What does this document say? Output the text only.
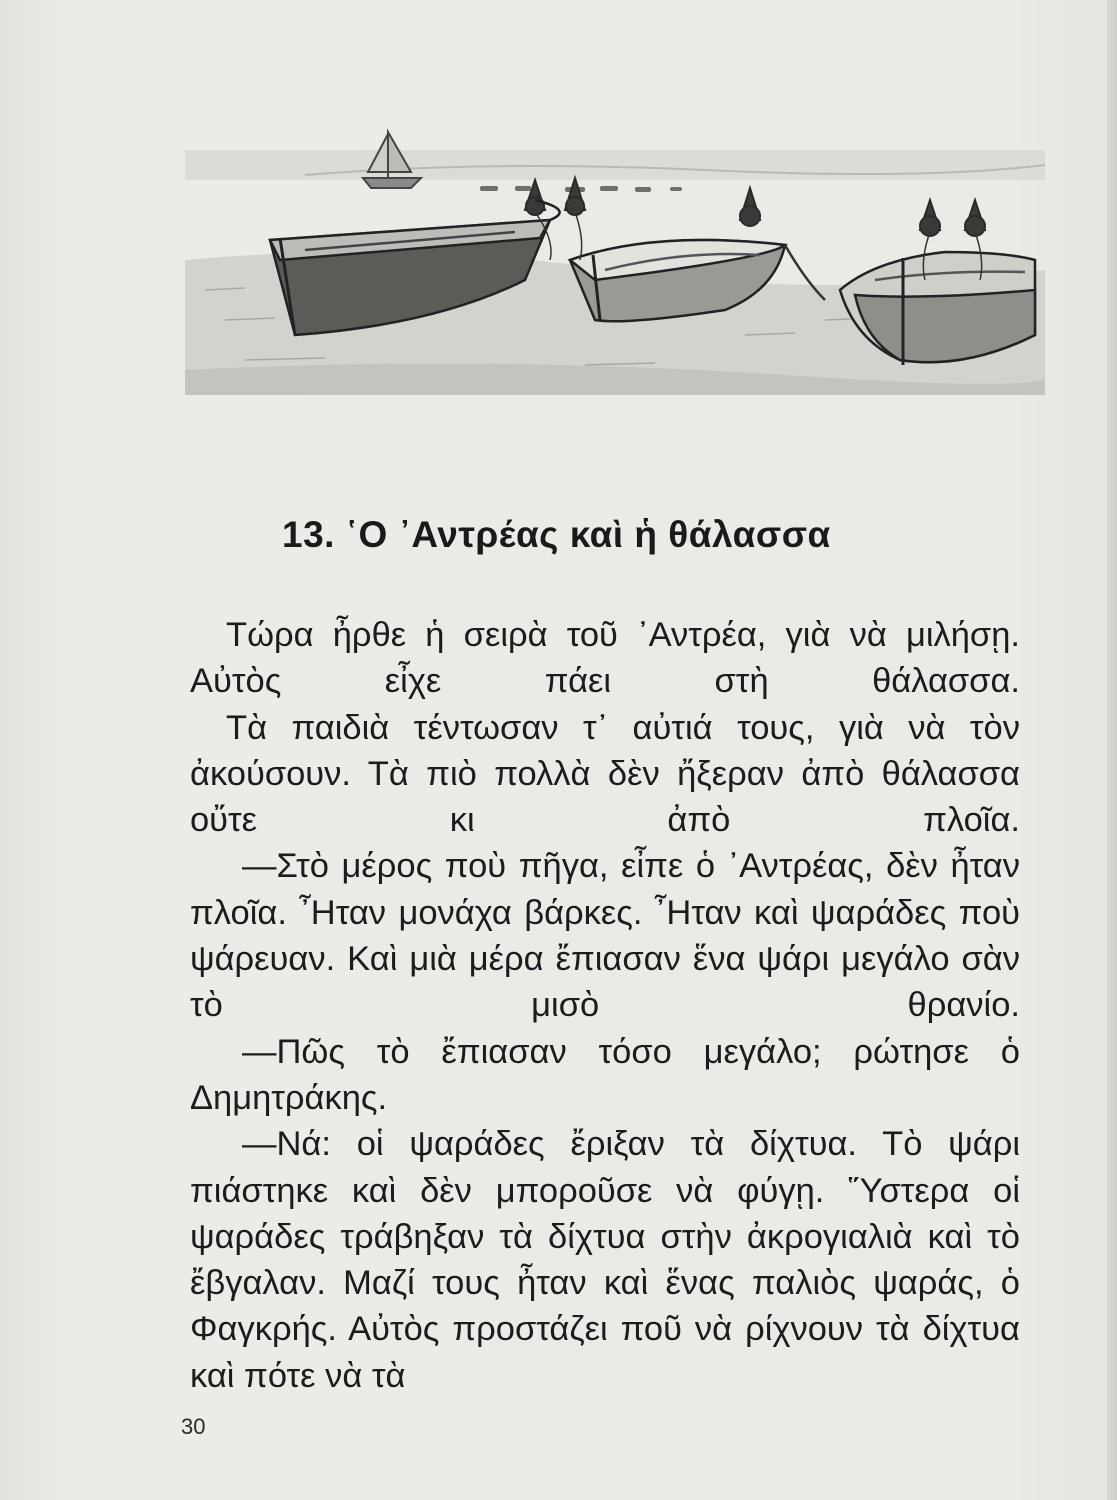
13. ῾Ο ᾿Αντρέας καὶ ἡ θάλασσα

Τώρα ἦρθε ἡ σειρὰ τοῦ ᾿Αντρέα, γιὰ νὰ μιλήσῃ. Αὐτὸς εἶχε πάει στὴ θάλασσα.

Τὰ παιδιὰ τέντωσαν τ᾿ αὐτιά τους, γιὰ νὰ τὸν ἀκούσουν. Τὰ πιὸ πολλὰ δὲν ἤξεραν ἀπὸ θάλασσα οὔτε κι ἀπὸ πλοῖα.

—Στὸ μέρος ποὺ πῆγα, εἶπε ὁ ᾿Αντρέας, δὲν ἦταν πλοῖα. ῏Ηταν μονάχα βάρκες. ῏Ηταν καὶ ψαράδες ποὺ ψάρευαν. Καὶ μιὰ μέρα ἔπιασαν ἕνα ψάρι μεγάλο σὰν τὸ μισὸ θρανίο.

—Πῶς τὸ ἔπιασαν τόσο μεγάλο; ρώτησε ὁ Δημητράκης.

—Νά: οἱ ψαράδες ἔριξαν τὰ δίχτυα. Τὸ ψάρι πιάστηκε καὶ δὲν μποροῦσε νὰ φύγῃ. ῞Υστερα οἱ ψαράδες τράβηξαν τὰ δίχτυα στὴν ἀκρογιαλιὰ καὶ τὸ ἔβγαλαν. Μαζί τους ἦταν καὶ ἕνας παλιὸς ψαράς, ὁ Φαγκρής. Αὐτὸς προστάζει ποῦ νὰ ρίχνουν τὰ δίχτυα καὶ πότε νὰ τὰ

30
